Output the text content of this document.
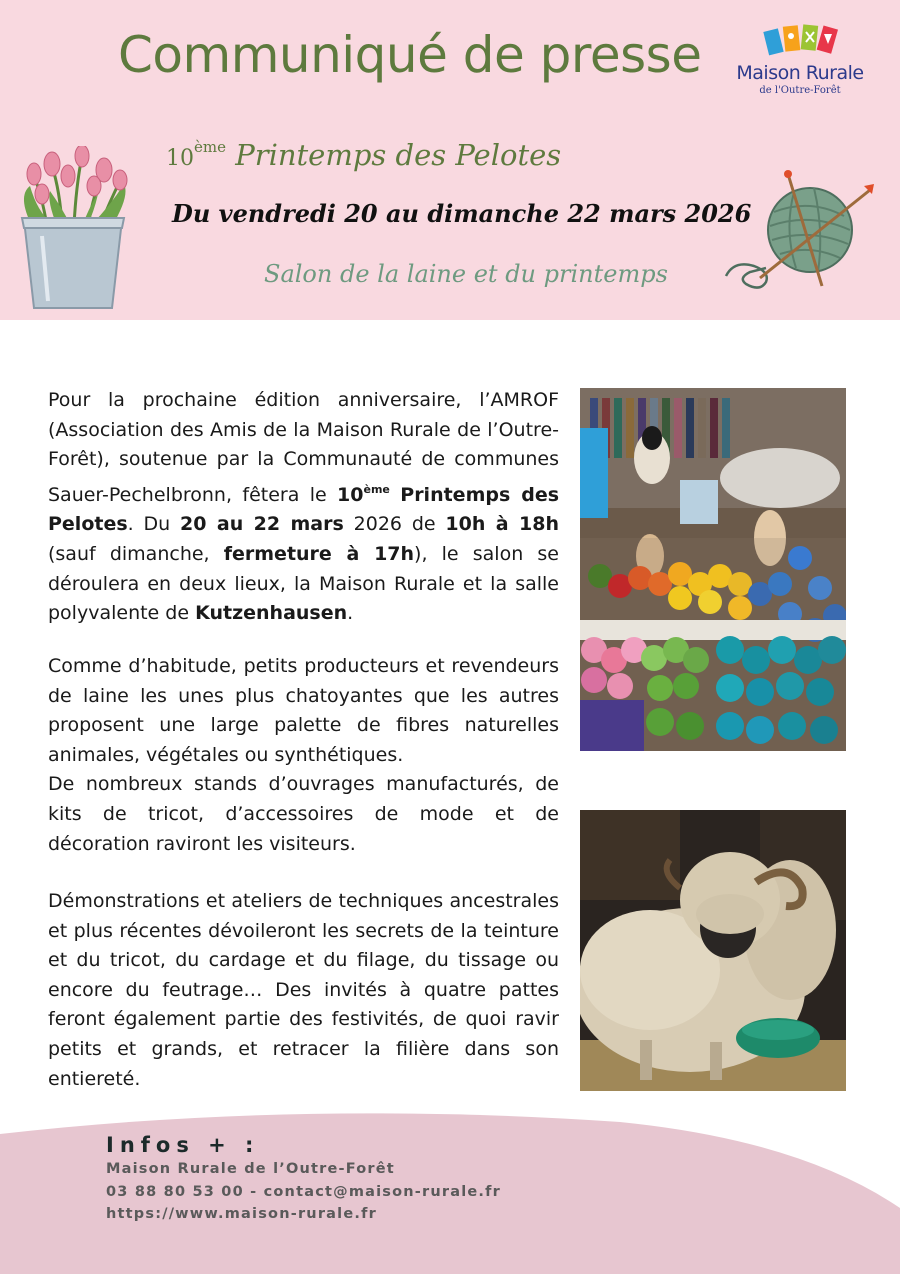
Communiqué de presse	Maison Rurale
de l'Outre-Forêt
10ème Printemps des Pelotes
Du vendredi 20 au dimanche 22 mars 2026
Salon de la laine et du printemps
Pour la prochaine édition anniversaire, l’AMROF (Association des Amis de la Maison Rurale de l’Outre-Forêt), soutenue par la Communauté de communes Sauer-Pechelbronn, fêtera le 10ème Printemps des Pelotes. Du 20 au 22 mars 2026 de 10h à 18h (sauf dimanche, fermeture à 17h), le salon se déroulera en deux lieux, la Maison Rurale et la salle polyvalente de Kutzenhausen.
Comme d’habitude, petits producteurs et revendeurs de laine les unes plus chatoyantes que les autres proposent une large palette de fibres naturelles animales, végétales ou synthétiques.
De nombreux stands d’ouvrages manufacturés, de kits de tricot, d’accessoires de mode et de décoration raviront les visiteurs.
Démonstrations et ateliers de techniques ancestrales et plus récentes dévoileront les secrets de la teinture et du tricot, du cardage et du filage, du tissage ou encore du feutrage… Des invités à quatre pattes feront également partie des festivités, de quoi ravir petits et grands, et retracer la filière dans son entiereté.
Infos + :
Maison Rurale de l’Outre-Forêt
03 88 80 53 00 - contact@maison-rurale.fr
https://www.maison-rurale.fr
